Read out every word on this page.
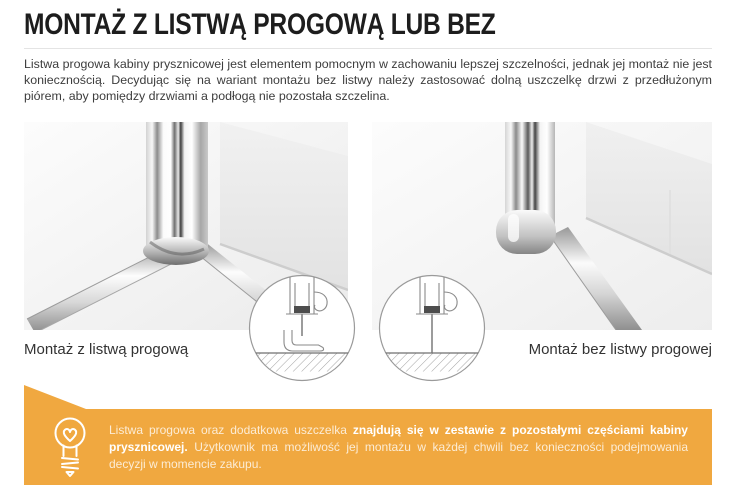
MONTAŻ Z LISTWĄ PROGOWĄ LUB BEZ

Listwa progowa kabiny prysznicowej jest elementem pomocnym w zachowaniu lepszej szczelności, jednak jej montaż nie jest koniecznością. Decydując się na wariant montażu bez listwy należy zastosować dolną uszczelkę drzwi z przedłużonym piórem, aby pomiędzy drzwiami a podłogą nie pozostała szczelina.

Montaż z listwą progową	Montaż bez listwy progowej

Listwa progowa oraz dodatkowa uszczelka znajdują się w zestawie z pozostałymi częściami kabiny prysznicowej. Użytkownik ma możliwość jej montażu w każdej chwili bez konieczności podejmowania decyzji w momencie zakupu.
